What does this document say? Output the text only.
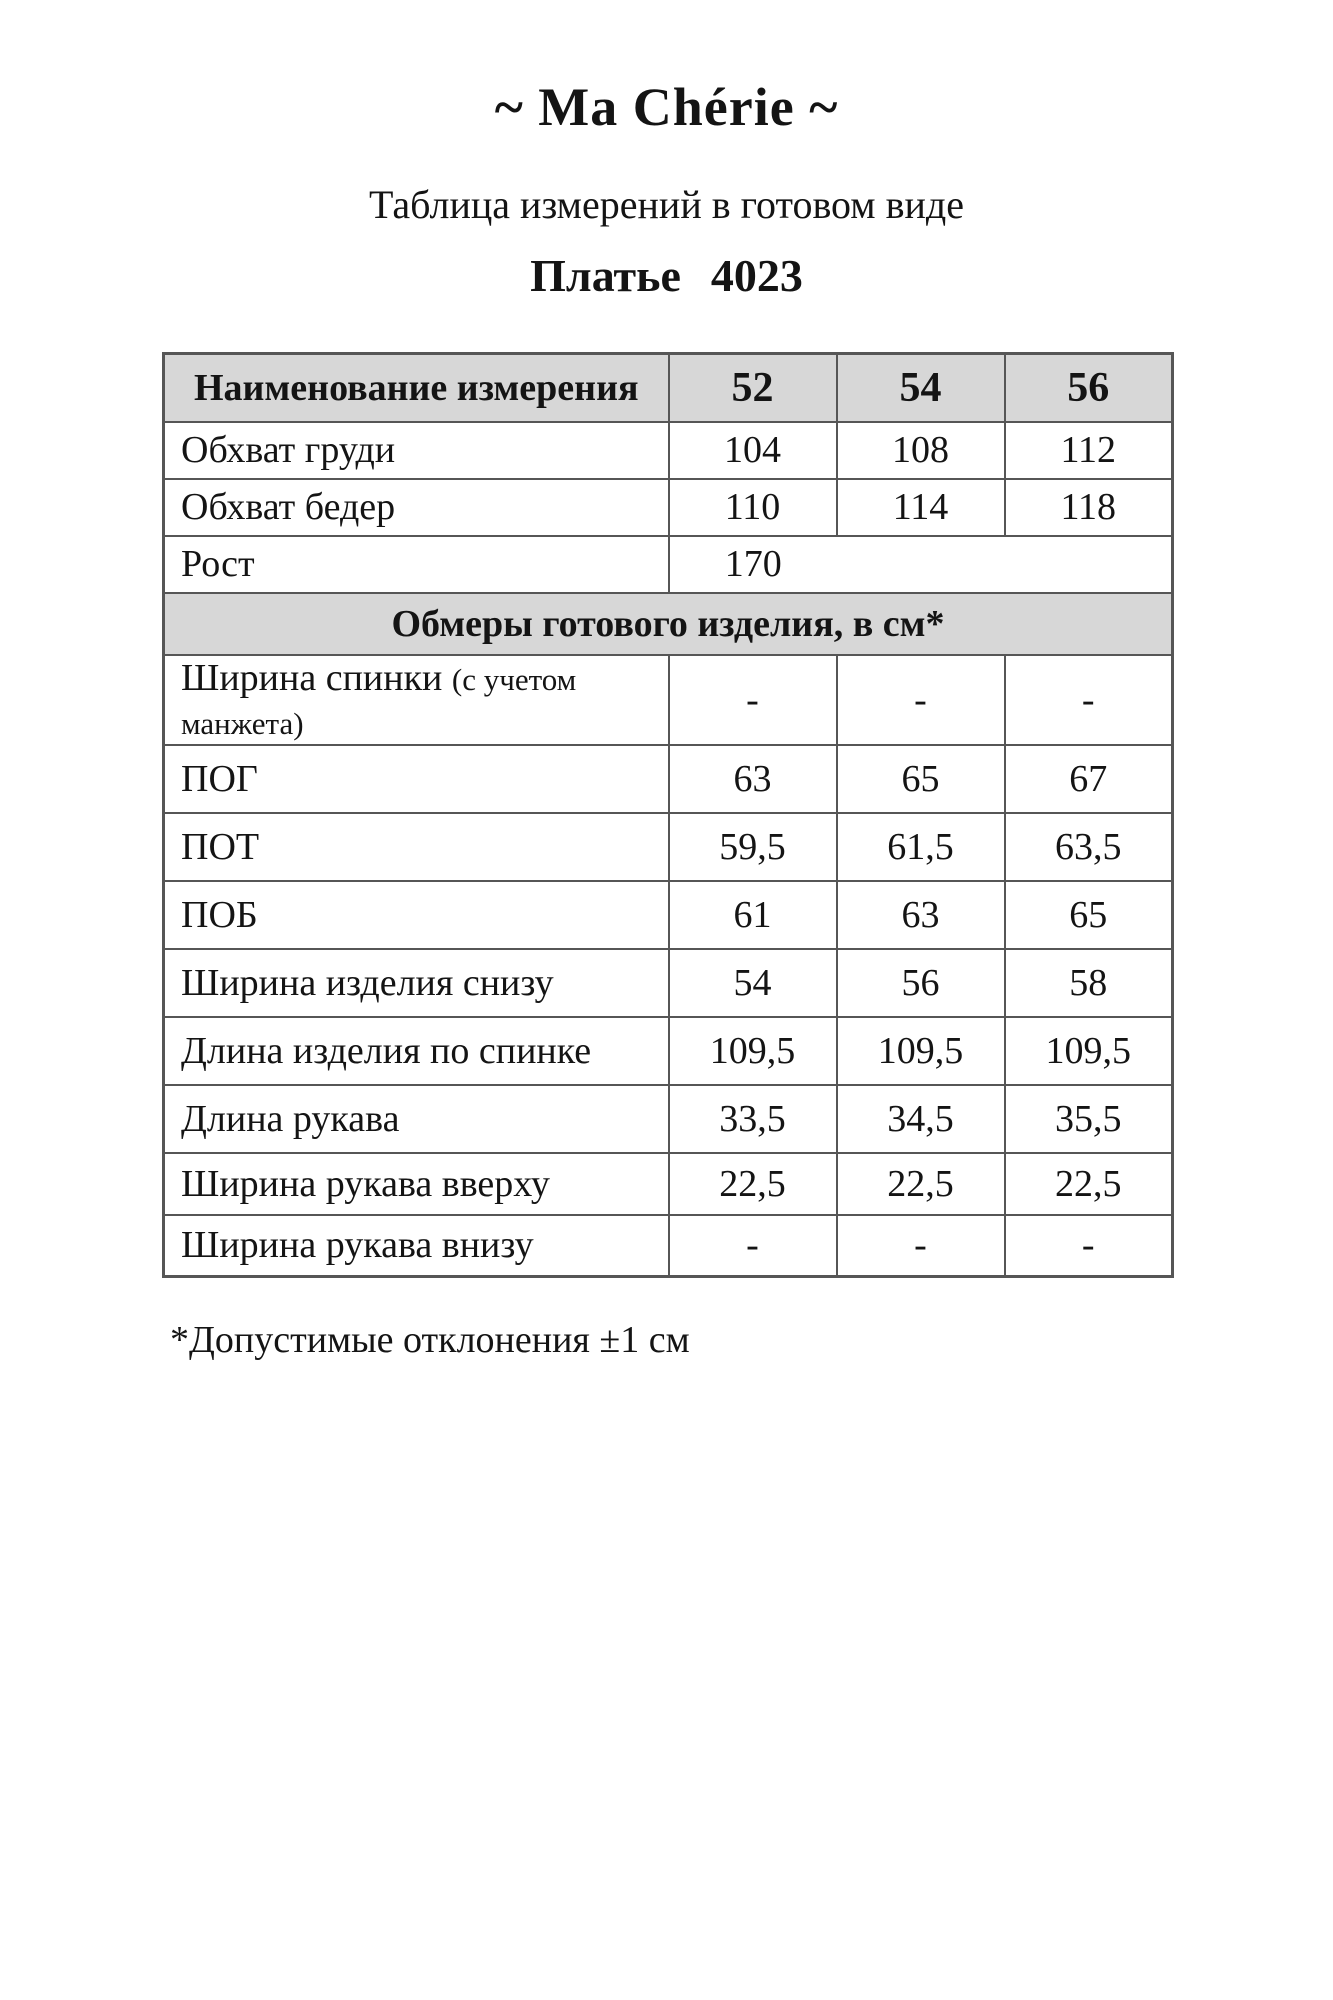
~ Ma Chérie ~
Таблица измерений в готовом виде
Платье 4023
Наименование измерения	52	54	56
Обхват груди	104	108	112
Обхват бедер	110	114	118
Рост	170		
Обмеры готового изделия, в см*			
Ширина спинки (с учетом манжета)	-	-	-
ПОГ	63	65	67
ПОТ	59,5	61,5	63,5
ПОБ	61	63	65
Ширина изделия снизу	54	56	58
Длина изделия по спинке	109,5	109,5	109,5
Длина рукава	33,5	34,5	35,5
Ширина рукава вверху	22,5	22,5	22,5
Ширина рукава внизу	-	-	-
*Допустимые отклонения ±1 см
